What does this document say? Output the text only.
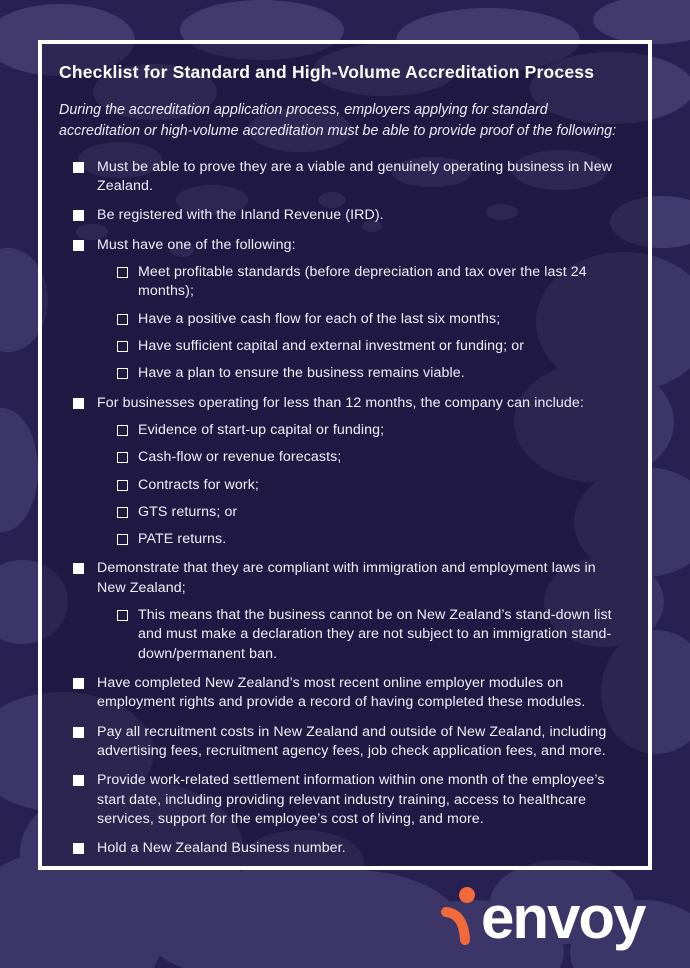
Checklist for Standard and High-Volume Accreditation Process

During the accreditation application process, employers applying for standard accreditation or high-volume accreditation must be able to provide proof of the following:

Must be able to prove they are a viable and genuinely operating business in New Zealand.
Be registered with the Inland Revenue (IRD).
Must have one of the following:
Meet profitable standards (before depreciation and tax over the last 24 months);
Have a positive cash flow for each of the last six months;
Have sufficient capital and external investment or funding; or
Have a plan to ensure the business remains viable.
For businesses operating for less than 12 months, the company can include:
Evidence of start-up capital or funding;
Cash-flow or revenue forecasts;
Contracts for work;
GTS returns; or
PATE returns.
Demonstrate that they are compliant with immigration and employment laws in New Zealand;
This means that the business cannot be on New Zealand’s stand-down list and must make a declaration they are not subject to an immigration stand-down/permanent ban.
Have completed New Zealand’s most recent online employer modules on employment rights and provide a record of having completed these modules.
Pay all recruitment costs in New Zealand and outside of New Zealand, including advertising fees, recruitment agency fees, job check application fees, and more.
Provide work-related settlement information within one month of the employee’s start date, including providing relevant industry training, access to healthcare services, support for the employee’s cost of living, and more.
Hold a New Zealand Business number.
envoy
